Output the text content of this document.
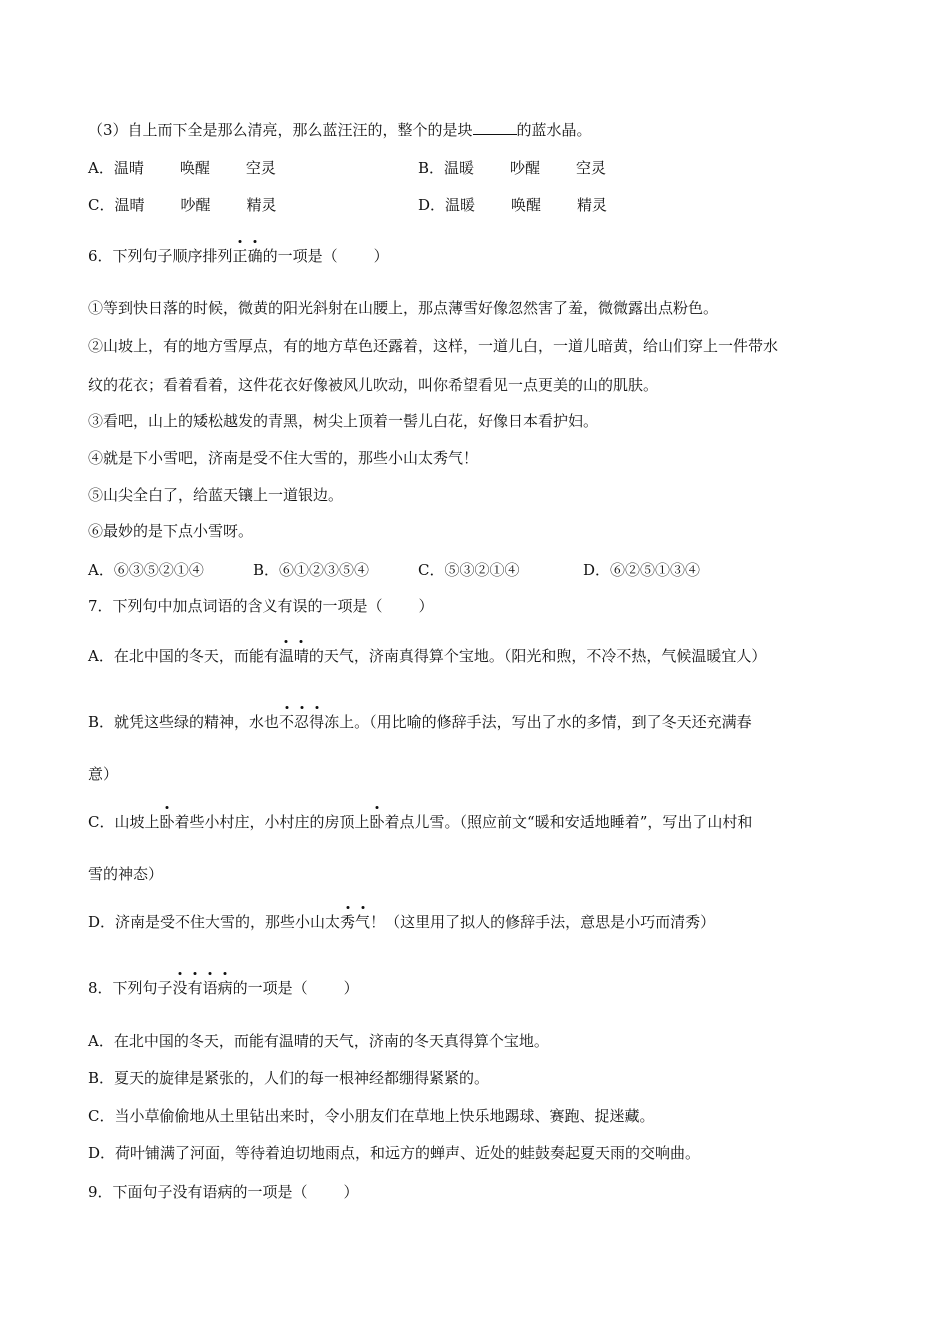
（3）自上而下全是那么清亮，那么蓝汪汪的，整个的是块	的蓝水晶。
A．温晴 唤醒 空灵	B．温暖 吵醒 空灵
C．温晴 吵醒 精灵	D．温暖 唤醒 精灵
6．下列句子顺序排列正确的一项是（ ）
①等到快日落的时候，微黄的阳光斜射在山腰上，那点薄雪好像忽然害了羞，微微露出点粉色。
②山坡上，有的地方雪厚点，有的地方草色还露着，这样，一道儿白，一道儿暗黄，给山们穿上一件带水
纹的花衣；看着看着，这件花衣好像被风儿吹动，叫你希望看见一点更美的山的肌肤。
③看吧，山上的矮松越发的青黑，树尖上顶着一髻儿白花，好像日本看护妇。
④就是下小雪吧，济南是受不住大雪的，那些小山太秀气！
⑤山尖全白了，给蓝天镶上一道银边。
⑥最妙的是下点小雪呀。
A．⑥③⑤②①④	B．⑥①②③⑤④	C．⑤③②①④	D．⑥②⑤①③④
7．下列句中加点词语的含义有误的一项是（ ）
A．在北中国的冬天，而能有温晴的天气，济南真得算个宝地。（阳光和煦，不冷不热，气候温暖宜人）
B．就凭这些绿的精神，水也不忍得冻上。（用比喻的修辞手法，写出了水的多情，到了冬天还充满春
意）
C．山坡上卧着些小村庄，小村庄的房顶上卧着点儿雪。（照应前文“暖和安适地睡着”，写出了山村和
雪的神态）
D．济南是受不住大雪的，那些小山太秀气！（这里用了拟人的修辞手法，意思是小巧而清秀）
8．下列句子没有语病的一项是（ ）
A．在北中国的冬天，而能有温晴的天气，济南的冬天真得算个宝地。
B．夏天的旋律是紧张的，人们的每一根神经都绷得紧紧的。
C．当小草偷偷地从土里钻出来时，令小朋友们在草地上快乐地踢球、赛跑、捉迷藏。
D．荷叶铺满了河面，等待着迫切地雨点，和远方的蝉声、近处的蛙鼓奏起夏天雨的交响曲。
9．下面句子没有语病的一项是（ ）
